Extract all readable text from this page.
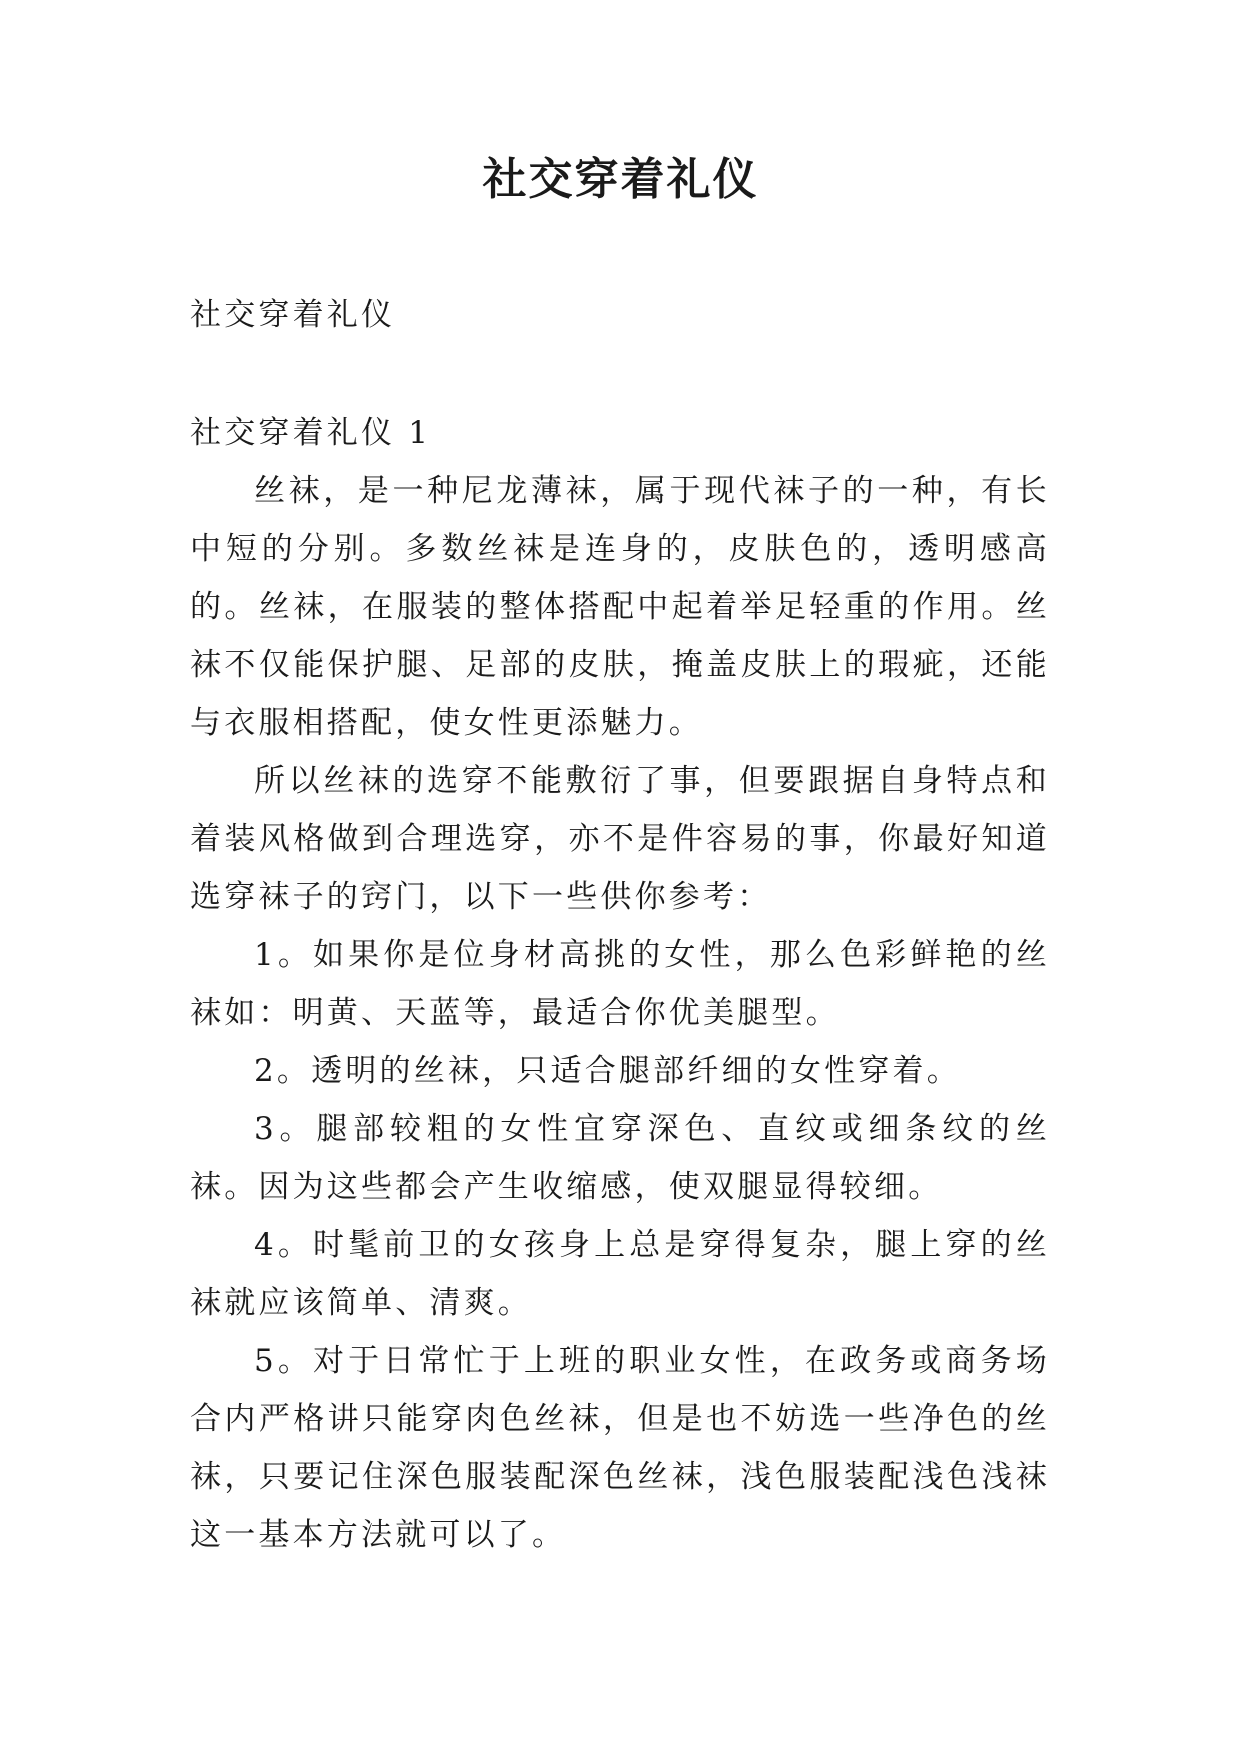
社交穿着礼仪

社交穿着礼仪

社交穿着礼仪 1

丝袜，是一种尼龙薄袜，属于现代袜子的一种，有长中短的分别。多数丝袜是连身的，皮肤色的，透明感高的。丝袜，在服装的整体搭配中起着举足轻重的作用。丝袜不仅能保护腿、足部的皮肤，掩盖皮肤上的瑕疵，还能与衣服相搭配，使女性更添魅力。

所以丝袜的选穿不能敷衍了事，但要跟据自身特点和着装风格做到合理选穿，亦不是件容易的事，你最好知道选穿袜子的窍门，以下一些供你参考：

1。如果你是位身材高挑的女性，那么色彩鲜艳的丝袜如：明黄、天蓝等，最适合你优美腿型。

2。透明的丝袜，只适合腿部纤细的女性穿着。

3。腿部较粗的女性宜穿深色、直纹或细条纹的丝袜。因为这些都会产生收缩感，使双腿显得较细。

4。时髦前卫的女孩身上总是穿得复杂，腿上穿的丝袜就应该简单、清爽。

5。对于日常忙于上班的职业女性，在政务或商务场合内严格讲只能穿肉色丝袜，但是也不妨选一些净色的丝袜，只要记住深色服装配深色丝袜，浅色服装配浅色浅袜这一基本方法就可以了。
